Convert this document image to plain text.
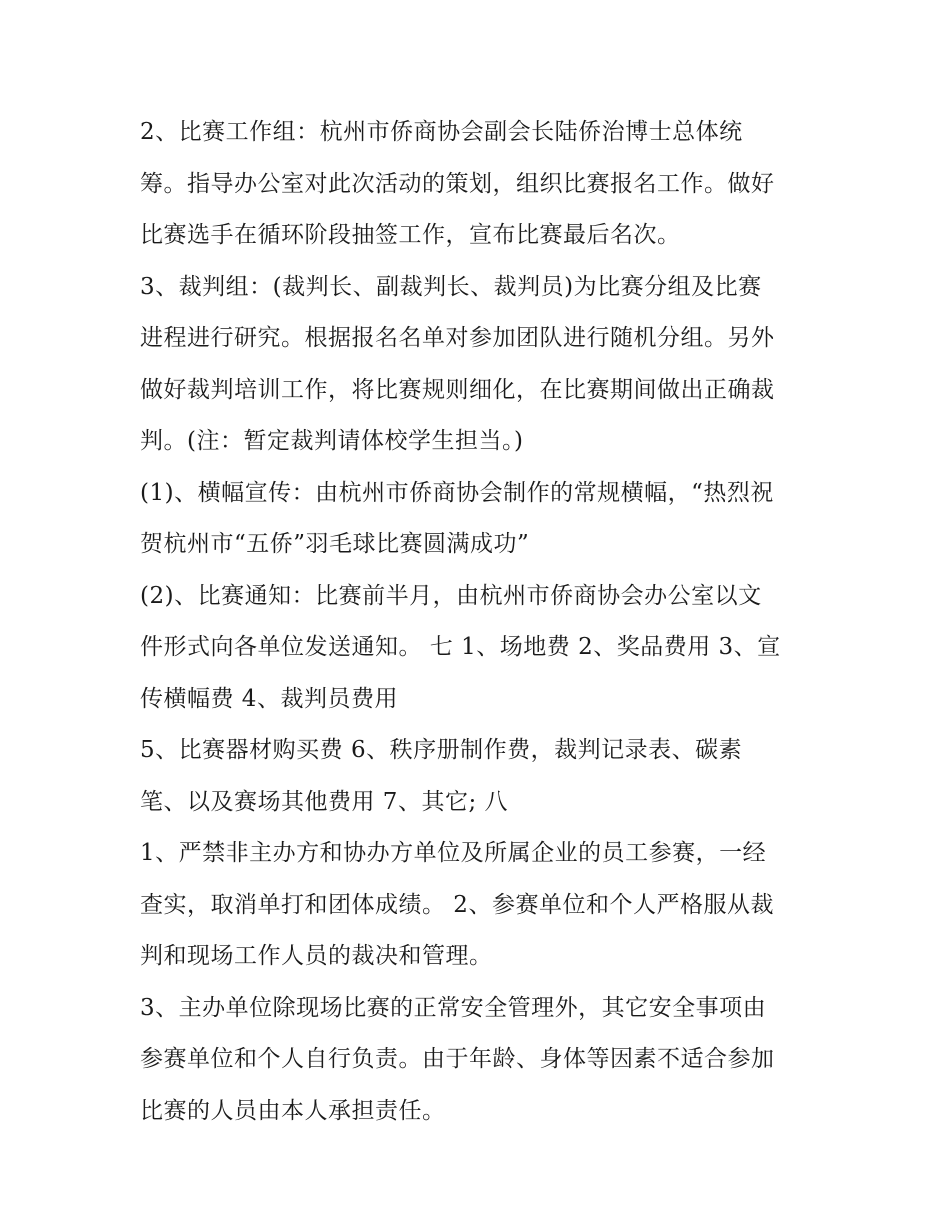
2、比赛工作组：杭州市侨商协会副会长陆侨治博士总体统
筹。指导办公室对此次活动的策划，组织比赛报名工作。做好
比赛选手在循环阶段抽签工作，宣布比赛最后名次。
3、裁判组：(裁判长、副裁判长、裁判员)为比赛分组及比赛
进程进行研究。根据报名名单对参加团队进行随机分组。另外
做好裁判培训工作，将比赛规则细化，在比赛期间做出正确裁
判。(注：暂定裁判请体校学生担当。)
(1)、横幅宣传：由杭州市侨商协会制作的常规横幅，“热烈祝
贺杭州市“五侨”羽毛球比赛圆满成功”
(2)、比赛通知：比赛前半月，由杭州市侨商协会办公室以文
件形式向各单位发送通知。 七 1、场地费 2、奖品费用 3、宣
传横幅费 4、裁判员费用
5、比赛器材购买费 6、秩序册制作费，裁判记录表、碳素
笔、以及赛场其他费用 7、其它; 八
1、严禁非主办方和协办方单位及所属企业的员工参赛，一经
查实，取消单打和团体成绩。 2、参赛单位和个人严格服从裁
判和现场工作人员的裁决和管理。
3、主办单位除现场比赛的正常安全管理外，其它安全事项由
参赛单位和个人自行负责。由于年龄、身体等因素不适合参加
比赛的人员由本人承担责任。
